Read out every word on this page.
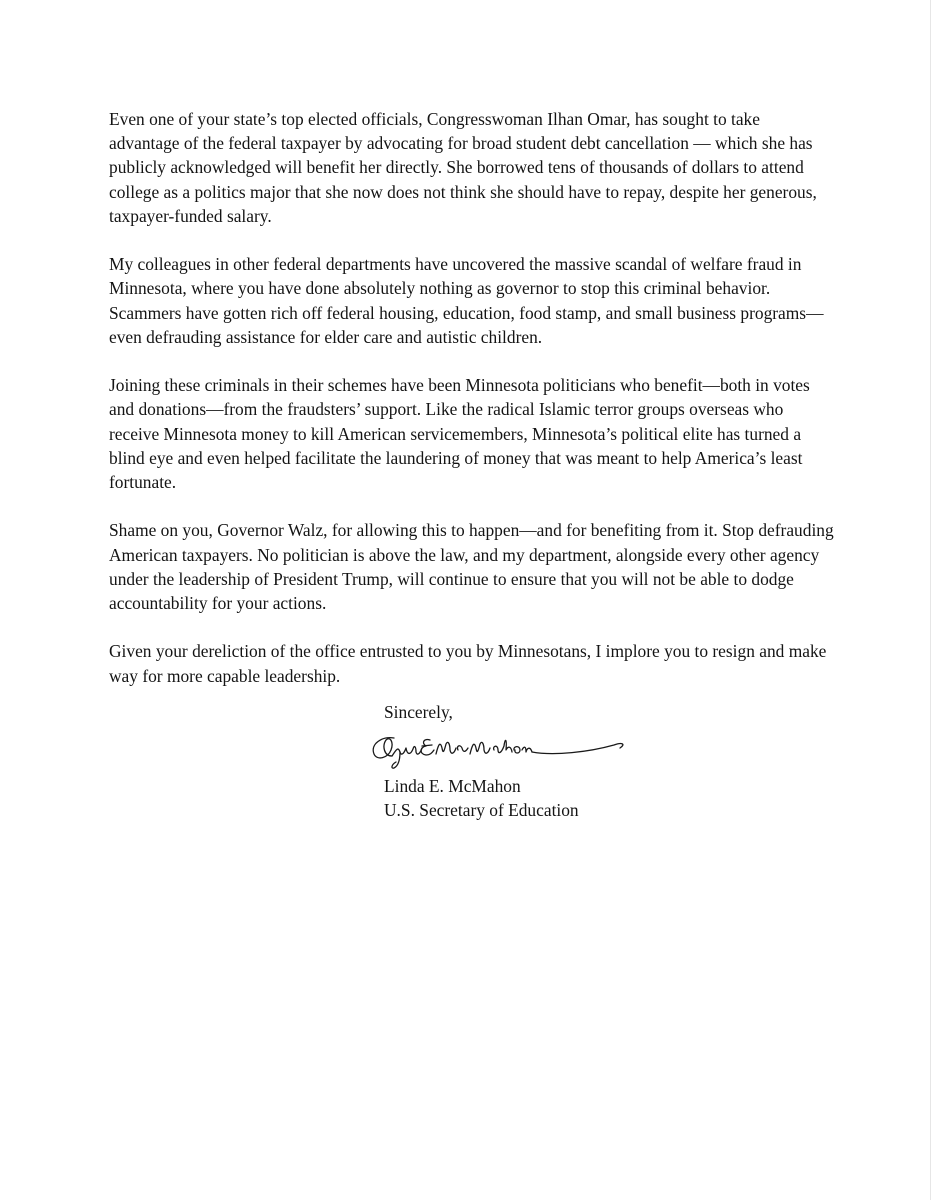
Even one of your state’s top elected officials, Congresswoman Ilhan Omar, has sought to take advantage of the federal taxpayer by advocating for broad student debt cancellation — which she has publicly acknowledged will benefit her directly. She borrowed tens of thousands of dollars to attend college as a politics major that she now does not think she should have to repay, despite her generous, taxpayer-funded salary.

My colleagues in other federal departments have uncovered the massive scandal of welfare fraud in Minnesota, where you have done absolutely nothing as governor to stop this criminal behavior. Scammers have gotten rich off federal housing, education, food stamp, and small business programs—even defrauding assistance for elder care and autistic children.

Joining these criminals in their schemes have been Minnesota politicians who benefit—both in votes and donations—from the fraudsters’ support. Like the radical Islamic terror groups overseas who receive Minnesota money to kill American servicemembers, Minnesota’s political elite has turned a blind eye and even helped facilitate the laundering of money that was meant to help America’s least fortunate.

Shame on you, Governor Walz, for allowing this to happen—and for benefiting from it. Stop defrauding American taxpayers. No politician is above the law, and my department, alongside every other agency under the leadership of President Trump, will continue to ensure that you will not be able to dodge accountability for your actions.

Given your dereliction of the office entrusted to you by Minnesotans, I implore you to resign and make way for more capable leadership.

Sincerely,
Linda E. McMahon
U.S. Secretary of Education
